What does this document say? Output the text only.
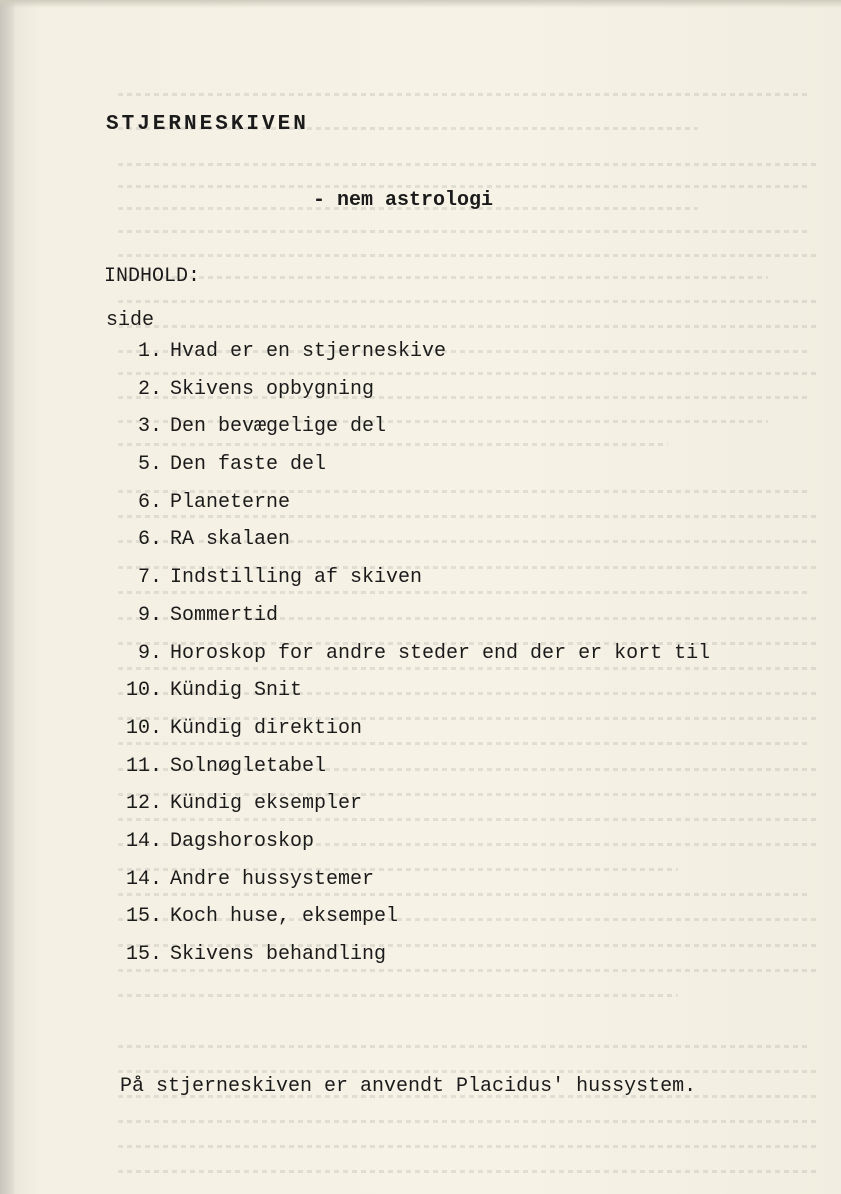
STJERNESKIVEN
- nem astrologi
INDHOLD:
side
1. Hvad er en stjerneskive
2. Skivens opbygning
3. Den bevægelige del
5. Den faste del
6. Planeterne
6. RA skalaen
7. Indstilling af skiven
9. Sommertid
9. Horoskop for andre steder end der er kort til
10. Kündig Snit
10. Kündig direktion
11. Solnøgletabel
12. Kündig eksempler
14. Dagshoroskop
14. Andre hussystemer
15. Koch huse, eksempel
15. Skivens behandling
På stjerneskiven er anvendt Placidus' hussystem.
